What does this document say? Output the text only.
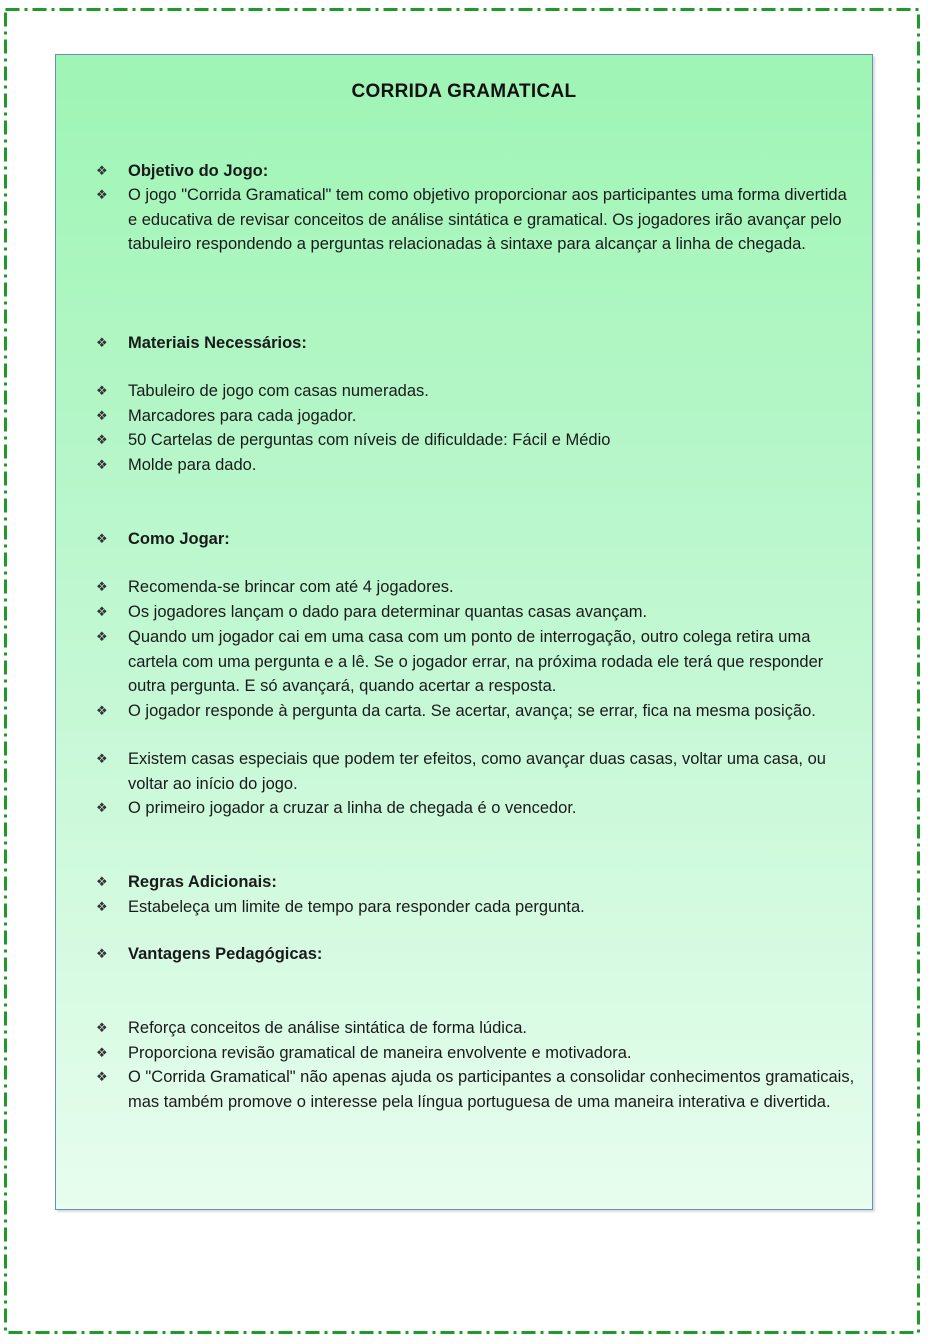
CORRIDA GRAMATICAL
❖ Objetivo do Jogo:
❖ O jogo "Corrida Gramatical" tem como objetivo proporcionar aos participantes uma forma divertida e educativa de revisar conceitos de análise sintática e gramatical. Os jogadores irão avançar pelo tabuleiro respondendo a perguntas relacionadas à sintaxe para alcançar a linha de chegada.
❖ Materiais Necessários:
❖ Tabuleiro de jogo com casas numeradas.
❖ Marcadores para cada jogador.
❖ 50 Cartelas de perguntas com níveis de dificuldade: Fácil e Médio
❖ Molde para dado.
❖ Como Jogar:
❖ Recomenda-se brincar com até 4 jogadores.
❖ Os jogadores lançam o dado para determinar quantas casas avançam.
❖ Quando um jogador cai em uma casa com um ponto de interrogação, outro colega retira uma cartela com uma pergunta e a lê. Se o jogador errar, na próxima rodada ele terá que responder outra pergunta. E só avançará, quando acertar a resposta.
❖ O jogador responde à pergunta da carta. Se acertar, avança; se errar, fica na mesma posição.
❖ Existem casas especiais que podem ter efeitos, como avançar duas casas, voltar uma casa, ou voltar ao início do jogo.
❖ O primeiro jogador a cruzar a linha de chegada é o vencedor.
❖ Regras Adicionais:
❖ Estabeleça um limite de tempo para responder cada pergunta.
❖ Vantagens Pedagógicas:
❖ Reforça conceitos de análise sintática de forma lúdica.
❖ Proporciona revisão gramatical de maneira envolvente e motivadora.
❖ O "Corrida Gramatical" não apenas ajuda os participantes a consolidar conhecimentos gramaticais, mas também promove o interesse pela língua portuguesa de uma maneira interativa e divertida.
